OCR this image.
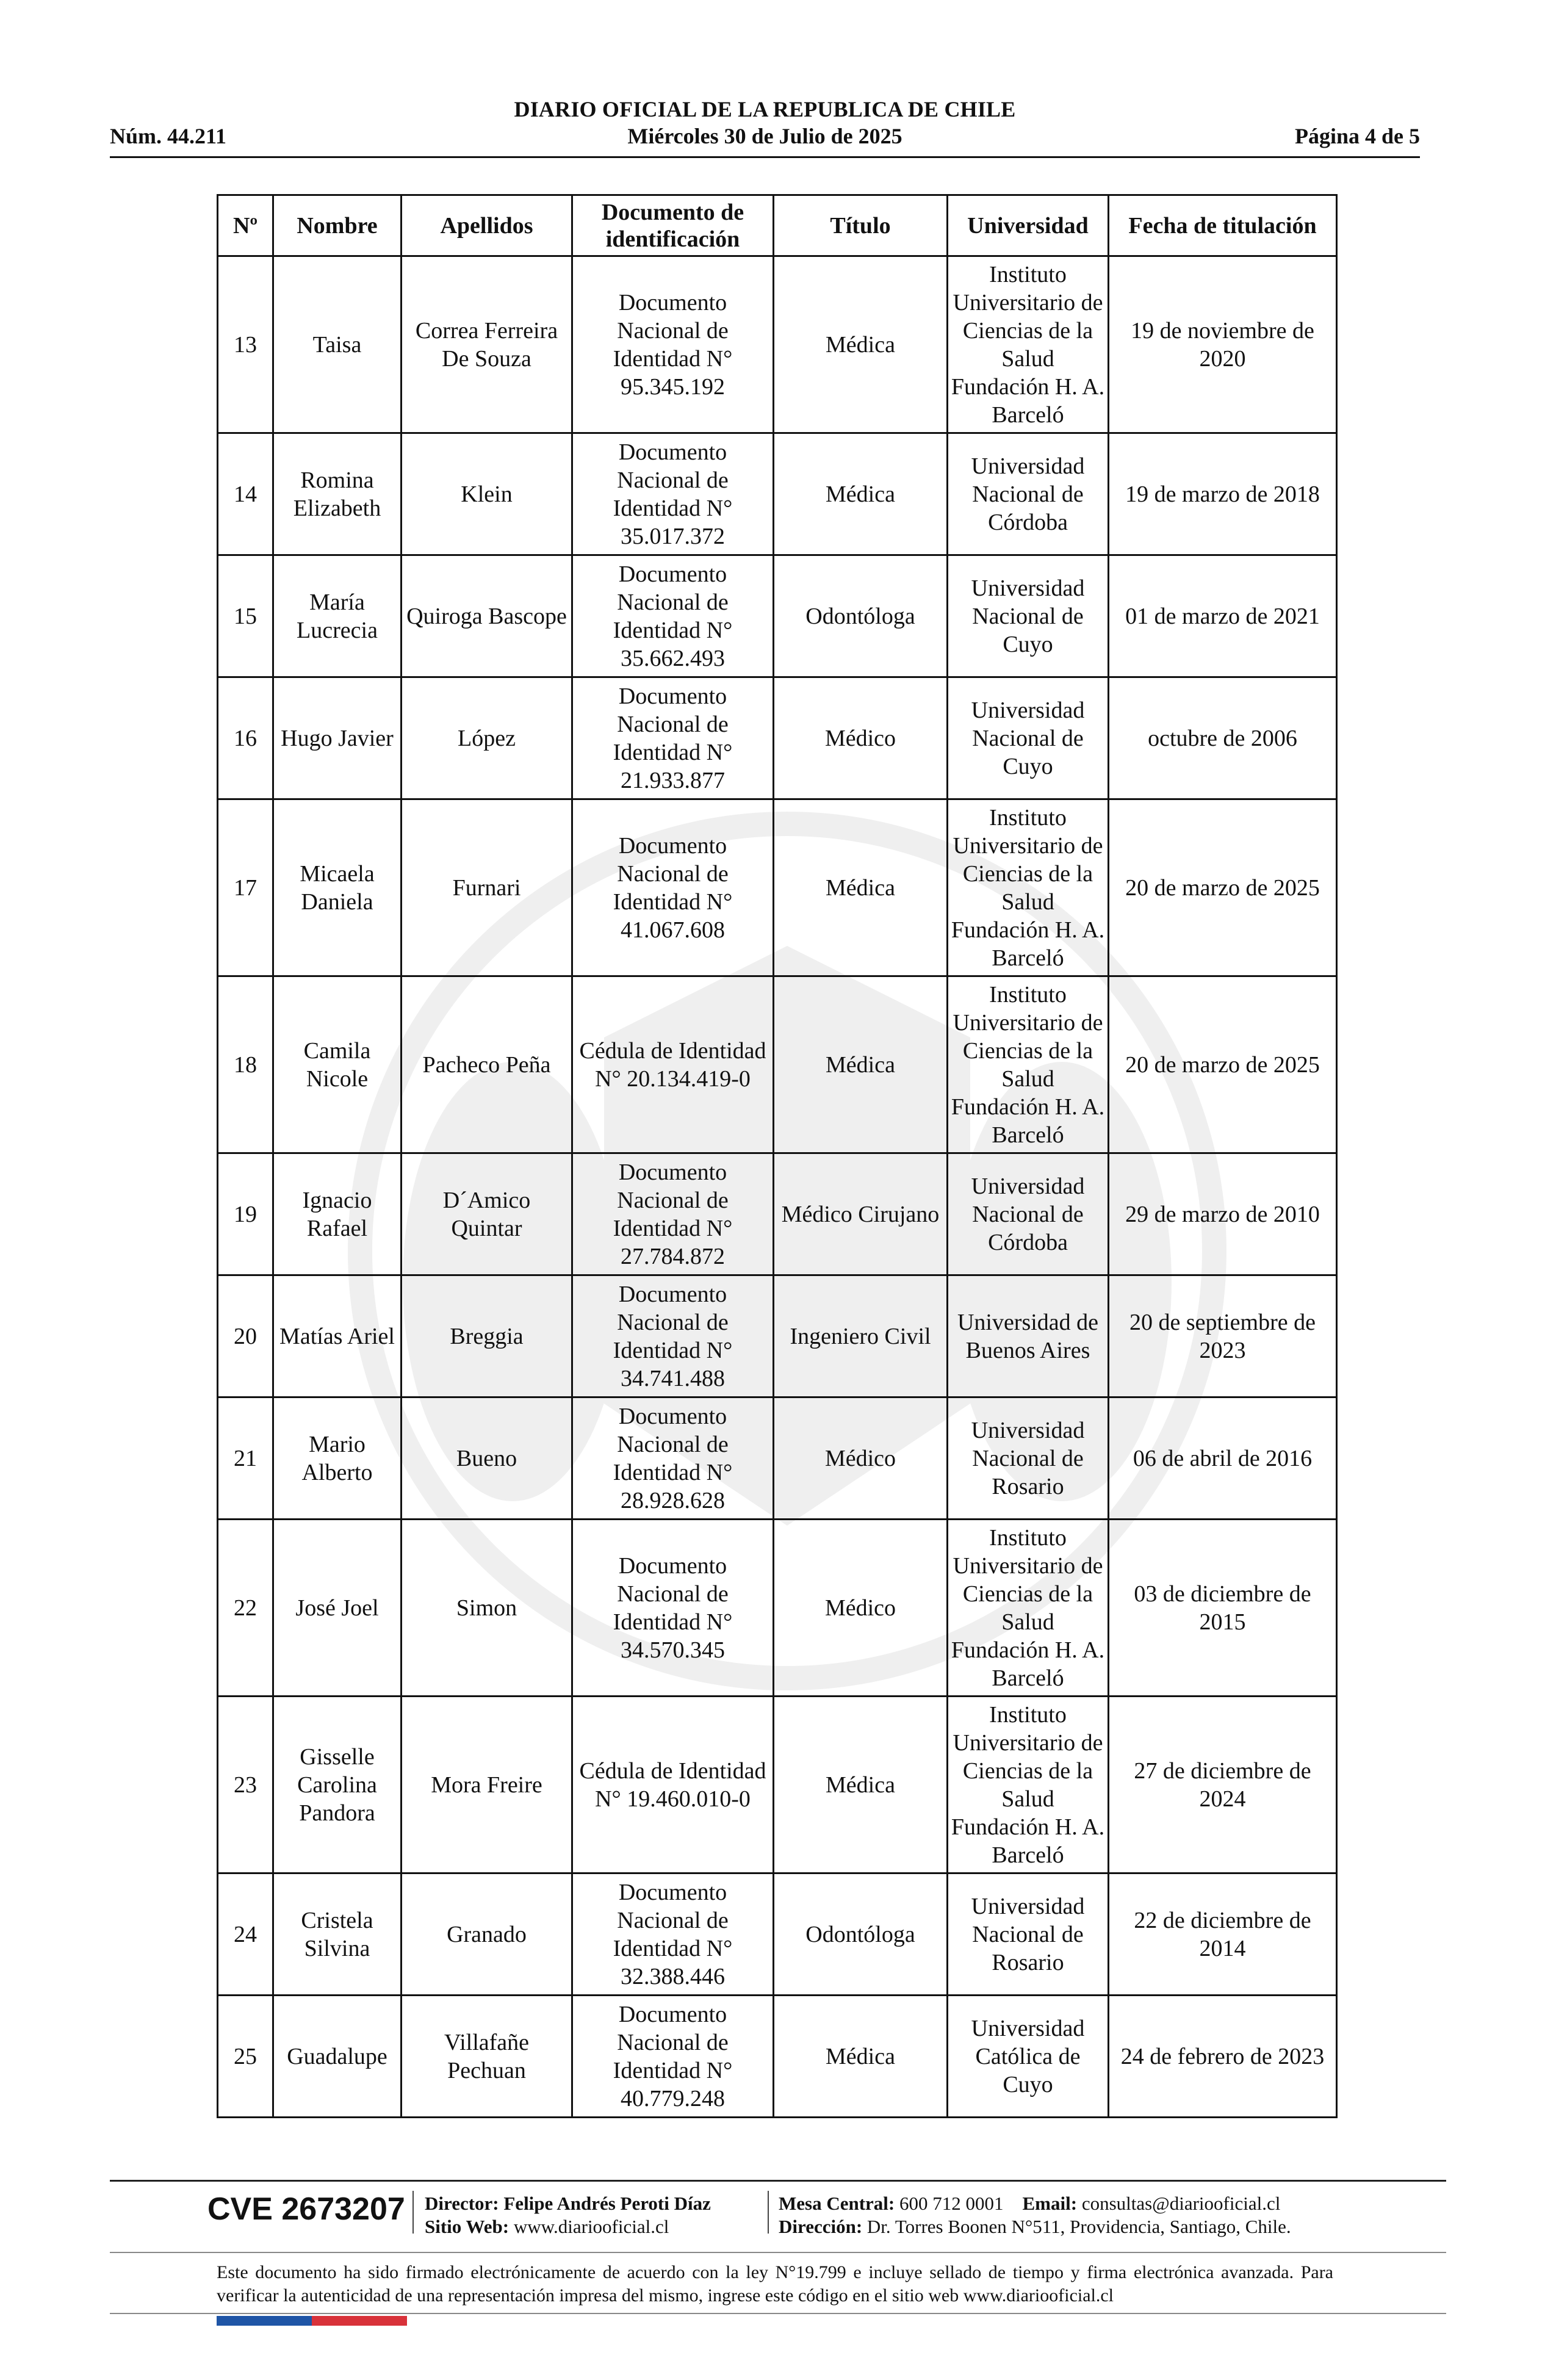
DIARIO OFICIAL DE LA REPUBLICA DE CHILE
Núm. 44.211	Miércoles 30 de Julio de 2025	Página 4 de 5
Nº	Nombre	Apellidos	Documento de identificación	Título	Universidad	Fecha de titulación
13	Taisa	Correa Ferreira De Souza	Documento Nacional de Identidad N° 95.345.192	Médica	Instituto Universitario de Ciencias de la Salud Fundación H. A. Barceló	19 de noviembre de 2020
14	Romina Elizabeth	Klein	Documento Nacional de Identidad N° 35.017.372	Médica	Universidad Nacional de Córdoba	19 de marzo de 2018
15	María Lucrecia	Quiroga Bascope	Documento Nacional de Identidad N° 35.662.493	Odontóloga	Universidad Nacional de Cuyo	01 de marzo de 2021
16	Hugo Javier	López	Documento Nacional de Identidad N° 21.933.877	Médico	Universidad Nacional de Cuyo	octubre de 2006
17	Micaela Daniela	Furnari	Documento Nacional de Identidad N° 41.067.608	Médica	Instituto Universitario de Ciencias de la Salud Fundación H. A. Barceló	20 de marzo de 2025
18	Camila Nicole	Pacheco Peña	Cédula de Identidad N° 20.134.419-0	Médica	Instituto Universitario de Ciencias de la Salud Fundación H. A. Barceló	20 de marzo de 2025
19	Ignacio Rafael	D´Amico Quintar	Documento Nacional de Identidad N° 27.784.872	Médico Cirujano	Universidad Nacional de Córdoba	29 de marzo de 2010
20	Matías Ariel	Breggia	Documento Nacional de Identidad N° 34.741.488	Ingeniero Civil	Universidad de Buenos Aires	20 de septiembre de 2023
21	Mario Alberto	Bueno	Documento Nacional de Identidad N° 28.928.628	Médico	Universidad Nacional de Rosario	06 de abril de 2016
22	José Joel	Simon	Documento Nacional de Identidad N° 34.570.345	Médico	Instituto Universitario de Ciencias de la Salud Fundación H. A. Barceló	03 de diciembre de 2015
23	Gisselle Carolina Pandora	Mora Freire	Cédula de Identidad N° 19.460.010-0	Médica	Instituto Universitario de Ciencias de la Salud Fundación H. A. Barceló	27 de diciembre de 2024
24	Cristela Silvina	Granado	Documento Nacional de Identidad N° 32.388.446	Odontóloga	Universidad Nacional de Rosario	22 de diciembre de 2014
25	Guadalupe	Villafañe Pechuan	Documento Nacional de Identidad N° 40.779.248	Médica	Universidad Católica de Cuyo	24 de febrero de 2023
CVE 2673207 Director: Felipe Andrés Peroti Díaz
Sitio Web: www.diariooficial.cl
Mesa Central: 600 712 0001 Email: consultas@diariooficial.cl
Dirección: Dr. Torres Boonen N°511, Providencia, Santiago, Chile.
Este documento ha sido firmado electrónicamente de acuerdo con la ley N°19.799 e incluye sellado de tiempo y firma electrónica avanzada. Para verificar la autenticidad de una representación impresa del mismo, ingrese este código en el sitio web www.diariooficial.cl
